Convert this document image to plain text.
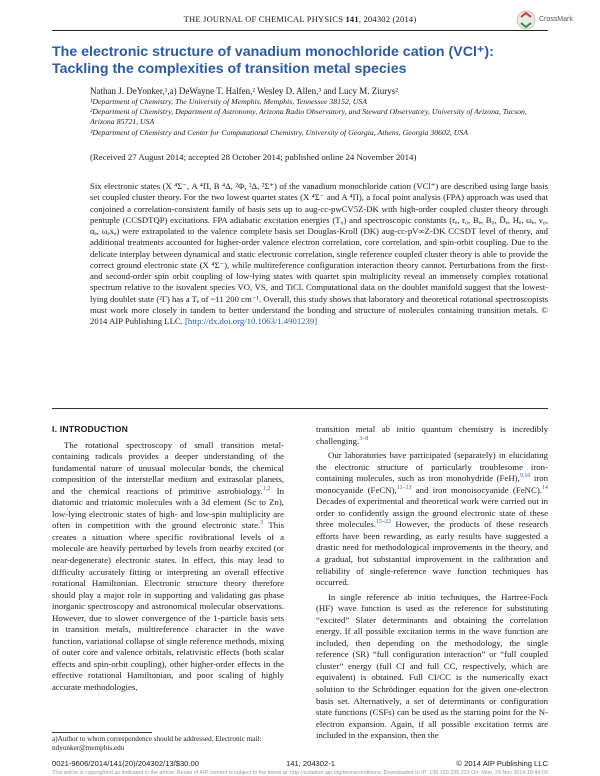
THE JOURNAL OF CHEMICAL PHYSICS 141, 204302 (2014)	CrossMark
The electronic structure of vanadium monochloride cation (VCl⁺): Tackling the complexities of transition metal species
Nathan J. DeYonker,¹,a) DeWayne T. Halfen,² Wesley D. Allen,³ and Lucy M. Ziurys²
¹Department of Chemistry, The University of Memphis, Memphis, Tennessee 38152, USA
²Department of Chemistry, Department of Astronomy, Arizona Radio Observatory, and Steward Observatory, University of Arizona, Tucson, Arizona 85721, USA
³Department of Chemistry and Center for Computational Chemistry, University of Georgia, Athens, Georgia 30602, USA
(Received 27 August 2014; accepted 28 October 2014; published online 24 November 2014)
Six electronic states (X ⁴Σ⁻, A ⁴Π, B ⁴Δ, ²Φ, ²Δ, ²Σ⁺) of the vanadium monochloride cation (VCl⁺) are described using large basis set coupled cluster theory. For the two lowest quartet states (X ⁴Σ⁻ and A ⁴Π), a focal point analysis (FPA) approach was used that conjoined a correlation-consistent family of basis sets up to aug-cc-pwCV5Z-DK with high-order coupled cluster theory through pentuple (CCSDTQP) excitations. FPA adiabatic excitation energies (T₀) and spectroscopic constants (rₑ, r₀, Bₑ, B₀, D̄ₑ, Hₑ, ωₑ, ν₀, αₑ, ωₑxₑ) were extrapolated to the valence complete basis set Douglas-Kroll (DK) aug-cc-pV∞Z-DK CCSDT level of theory, and additional treatments accounted for higher-order valence electron correlation, core correlation, and spin-orbit coupling. Due to the delicate interplay between dynamical and static electronic correlation, single reference coupled cluster theory is able to provide the correct ground electronic state (X ⁴Σ⁻), while multireference configuration interaction theory cannot. Perturbations from the first- and second-order spin orbit coupling of low-lying states with quartet spin multiplicity reveal an immensely complex rotational spectrum relative to the isovalent species VO, VS, and TiCl. Computational data on the doublet manifold suggest that the lowest-lying doublet state (²Γ) has a Tₑ of ~11 200 cm⁻¹. Overall, this study shows that laboratory and theoretical rotational spectroscopists must work more closely in tandem to better understand the bonding and structure of molecules containing transition metals. © 2014 AIP Publishing LLC. [http://dx.doi.org/10.1063/1.4901239]
I. INTRODUCTION

The rotational spectroscopy of small transition metal-containing radicals provides a deeper understanding of the fundamental nature of unusual molecular bonds, the chemical composition of the interstellar medium and extrasolar planets, and the chemical reactions of primitive astrobiology.$^{1,2}$ In diatomic and triatomic molecules with a 3d element (Sc to Zn), low-lying electronic states of high- and low-spin multiplicity are often in competition with the ground electronic state.$^3$ This creates a situation where specific rovibrational levels of a molecule are heavily perturbed by levels from nearby excited (or near-degenerate) electronic states. In effect, this may lead to difficulty accurately fitting or interpreting an overall effective rotational Hamiltonian. Electronic structure theory therefore should play a major role in supporting and validating gas phase inorganic spectroscopy and astronomical molecular observations. However, due to slower convergence of the 1-particle basis sets in transition metals, multireference character in the wave function, variational collapse of single reference methods, mixing of outer core and valence orbitals, relativistic effects (both scalar effects and spin-orbit coupling), other higher-order effects in the effective rotational Hamiltonian, and poor scaling of highly accurate methodologies,

transition metal ab initio quantum chemistry is incredibly challenging.$^{3-8}$

Our laboratories have participated (separately) in elucidating the electronic structure of particularly troublesome iron-containing molecules, such as iron monohydride (FeH),$^{9,10}$ iron monocyanide (FeCN),$^{11-13}$ and iron monoisocyanide (FeNC).$^{14}$ Decades of experimental and theoretical work were carried out in order to confidently assign the ground electronic state of these three molecules.$^{15-22}$ However, the products of these research efforts have been rewarding, as early results have suggested a drastic need for methodological improvements in the theory, and a gradual, but substantial improvement in the calibration and reliability of single-reference wave function techniques has occurred.

In single reference ab initio techniques, the Hartree-Fock (HF) wave function is used as the reference for substituting “excited” Slater determinants and obtaining the correlation energy. If all possible excitation terms in the wave function are included, then depending on the methodology, the single reference (SR) “full configuration interaction” or “full coupled cluster” energy (full CI and full CC, respectively, which are equivalent) is obtained. Full CI/CC is the numerically exact solution to the Schrödinger equation for the given one-electron basis set. Alternatively, a set of determinants or configuration state functions (CSFs) can be used as the starting point for the N-electron expansion. Again, if all possible excitation terms are included in the expansion, then the

a)Author to whom correspondence should be addressed. Electronic mail: ndyonker@memphis.edu
0021-9606/2014/141(20)/204302/13/$30.00	141, 204302-1	© 2014 AIP Publishing LLC
This article is copyrighted as indicated in the article. Reuse of AIP content is subject to the terms at: http://scitation.aip.org/termsconditions. Downloaded to IP: 136.159.235.223 On: Mon, 24 Nov 2014 18:44:09
